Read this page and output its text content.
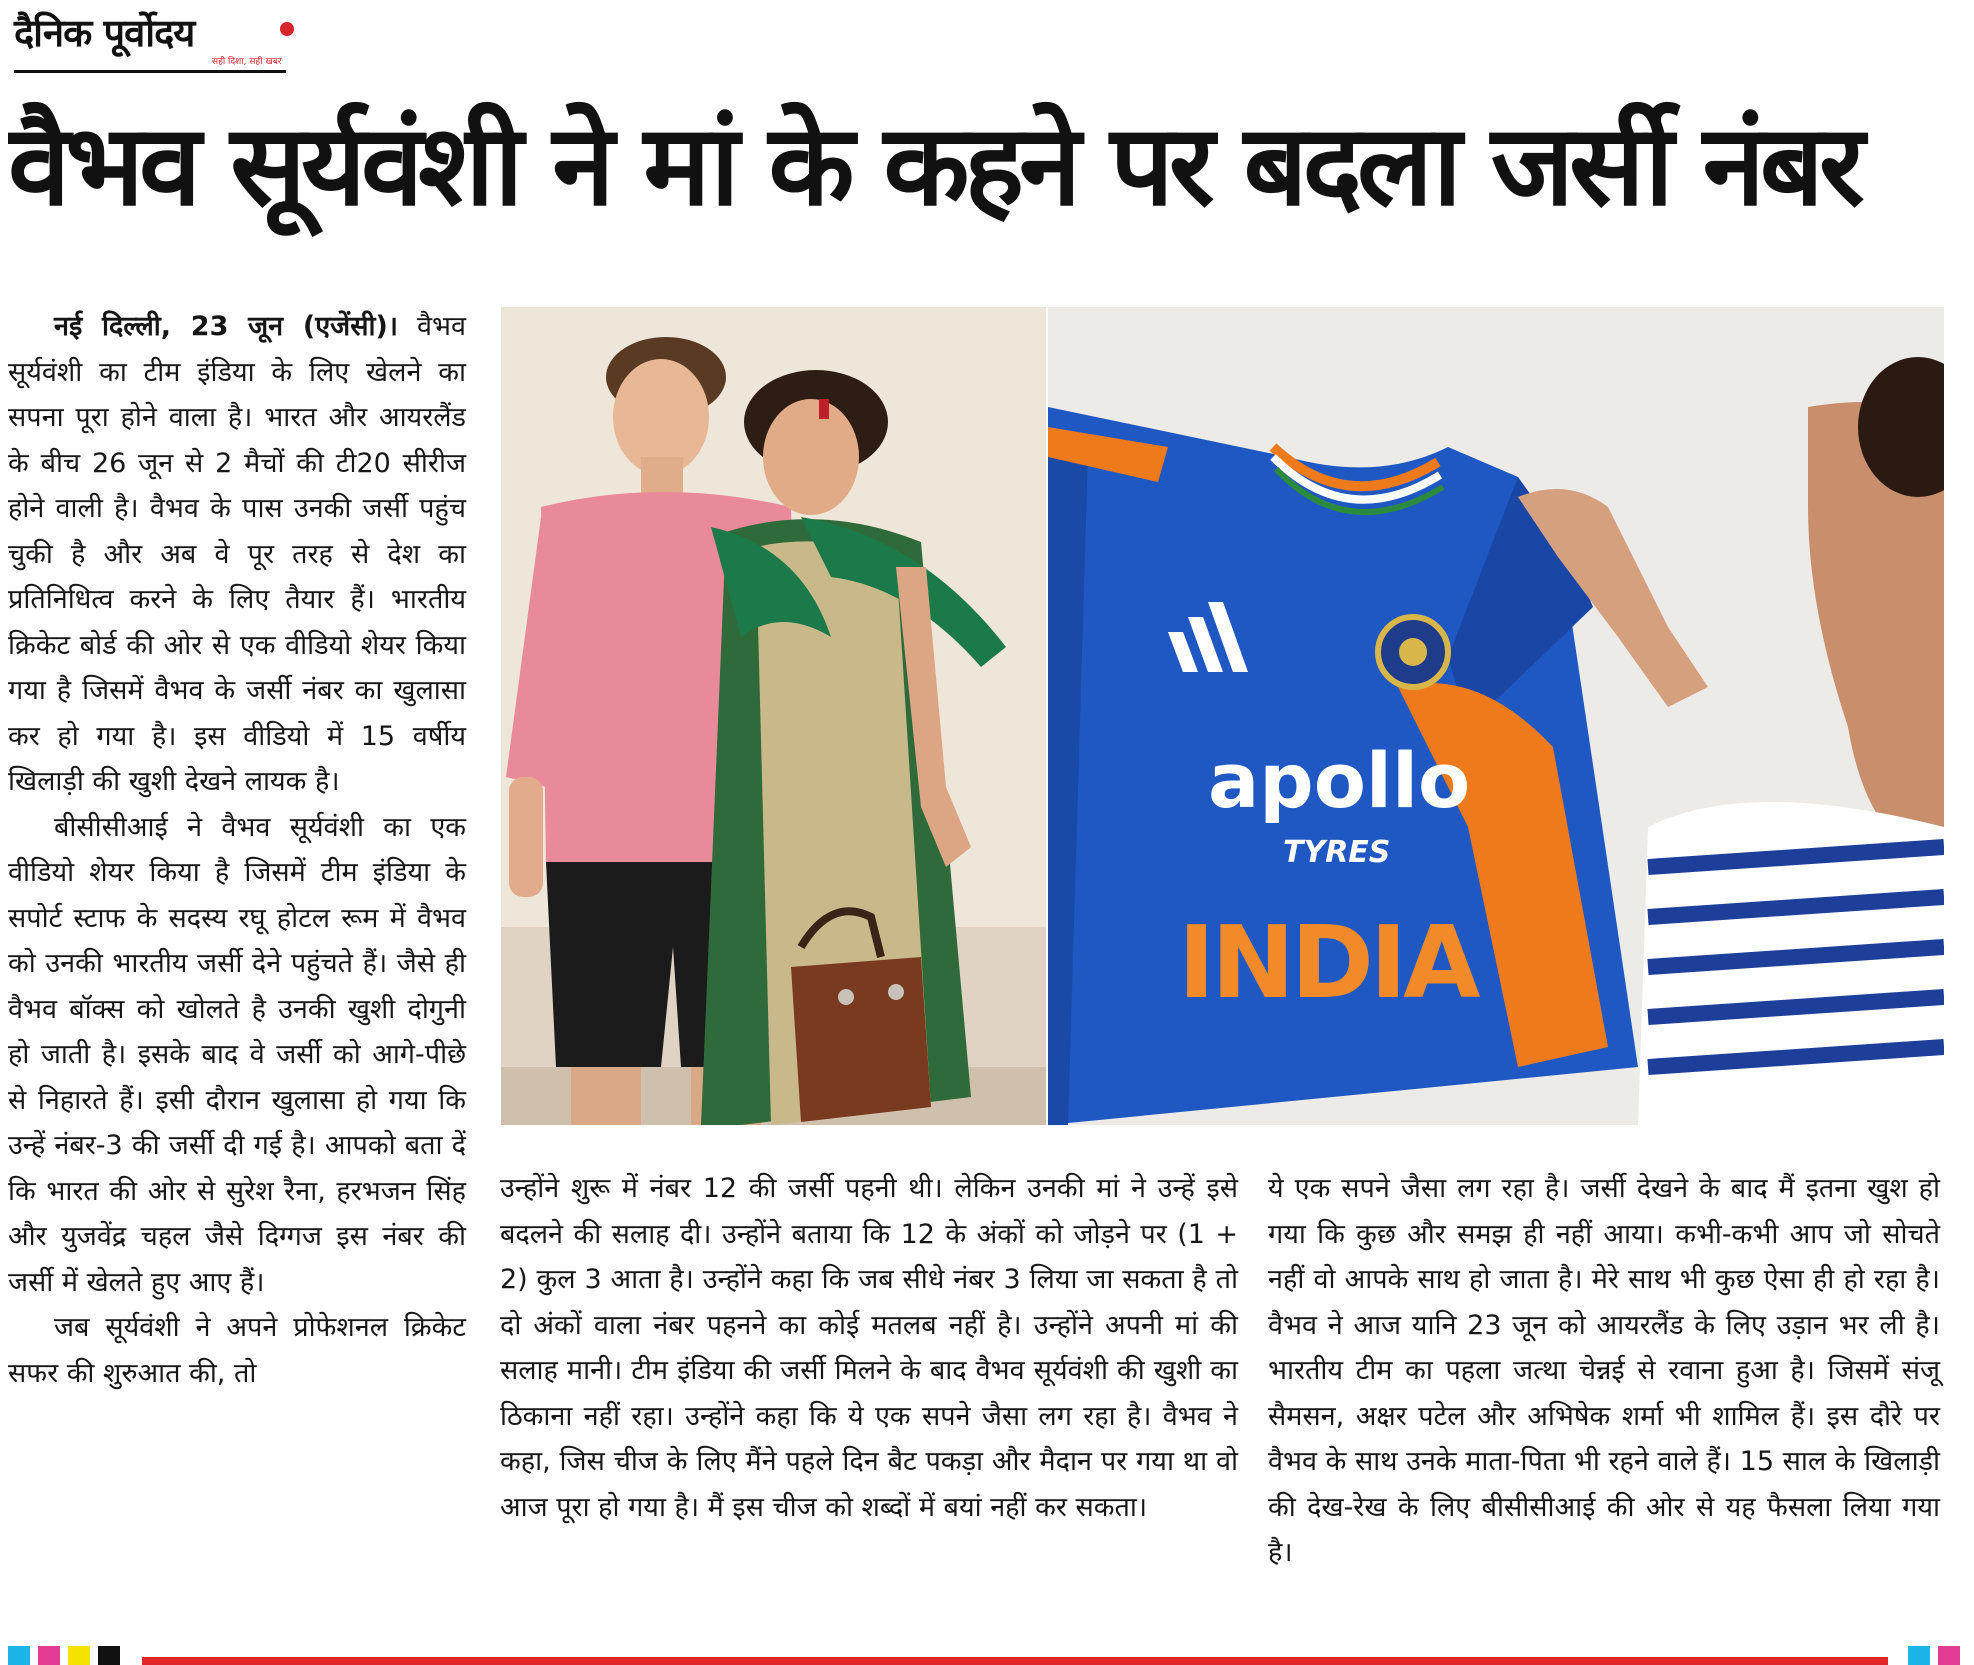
दैनिक पूर्वोदय
सही दिशा, सही खबर
वैभव सूर्यवंशी ने मां के कहने पर बदला जर्सी नंबर

नई दिल्ली, 23 जून (एजेंसी)। वैभव सूर्यवंशी का टीम इंडिया के लिए खेलने का सपना पूरा होने वाला है। भारत और आयरलैंड के बीच 26 जून से 2 मैचों की टी20 सीरीज होने वाली है। वैभव के पास उनकी जर्सी पहुंच चुकी है और अब वे पूर तरह से देश का प्रतिनिधित्व करने के लिए तैयार हैं। भारतीय क्रिकेट बोर्ड की ओर से एक वीडियो शेयर किया गया है जिसमें वैभव के जर्सी नंबर का खुलासा कर हो गया है। इस वीडियो में 15 वर्षीय खिलाड़ी की खुशी देखने लायक है।

बीसीसीआई ने वैभव सूर्यवंशी का एक वीडियो शेयर किया है जिसमें टीम इंडिया के सपोर्ट स्टाफ के सदस्य रघू होटल रूम में वैभव को उनकी भारतीय जर्सी देने पहुंचते हैं। जैसे ही वैभव बॉक्स को खोलते है उनकी खुशी दोगुनी हो जाती है। इसके बाद वे जर्सी को आगे-पीछे से निहारते हैं। इसी दौरान खुलासा हो गया कि उन्हें नंबर-3 की जर्सी दी गई है। आपको बता दें कि भारत की ओर से सुरेश रैना, हरभजन सिंह और युजवेंद्र चहल जैसे दिग्गज इस नंबर की जर्सी में खेलते हुए आए हैं।

जब सूर्यवंशी ने अपने प्रोफेशनल क्रिकेट सफर की शुरुआत की, तो

apollo
TYRES
INDIA

उन्होंने शुरू में नंबर 12 की जर्सी पहनी थी। लेकिन उनकी मां ने उन्हें इसे बदलने की सलाह दी। उन्होंने बताया कि 12 के अंकों को जोड़ने पर (1 + 2) कुल 3 आता है। उन्होंने कहा कि जब सीधे नंबर 3 लिया जा सकता है तो दो अंकों वाला नंबर पहनने का कोई मतलब नहीं है। उन्होंने अपनी मां की सलाह मानी। टीम इंडिया की जर्सी मिलने के बाद वैभव सूर्यवंशी की खुशी का ठिकाना नहीं रहा। उन्होंने कहा कि ये एक सपने जैसा लग रहा है। वैभव ने कहा, जिस चीज के लिए मैंने पहले दिन बैट पकड़ा और मैदान पर गया था वो आज पूरा हो गया है। मैं इस चीज को शब्दों में बयां नहीं कर सकता।

ये एक सपने जैसा लग रहा है। जर्सी देखने के बाद मैं इतना खुश हो गया कि कुछ और समझ ही नहीं आया। कभी-कभी आप जो सोचते नहीं वो आपके साथ हो जाता है। मेरे साथ भी कुछ ऐसा ही हो रहा है। वैभव ने आज यानि 23 जून को आयरलैंड के लिए उड़ान भर ली है। भारतीय टीम का पहला जत्था चेन्नई से रवाना हुआ है। जिसमें संजू सैमसन, अक्षर पटेल और अभिषेक शर्मा भी शामिल हैं। इस दौरे पर वैभव के साथ उनके माता-पिता भी रहने वाले हैं। 15 साल के खिलाड़ी की देख-रेख के लिए बीसीसीआई की ओर से यह फैसला लिया गया है।
